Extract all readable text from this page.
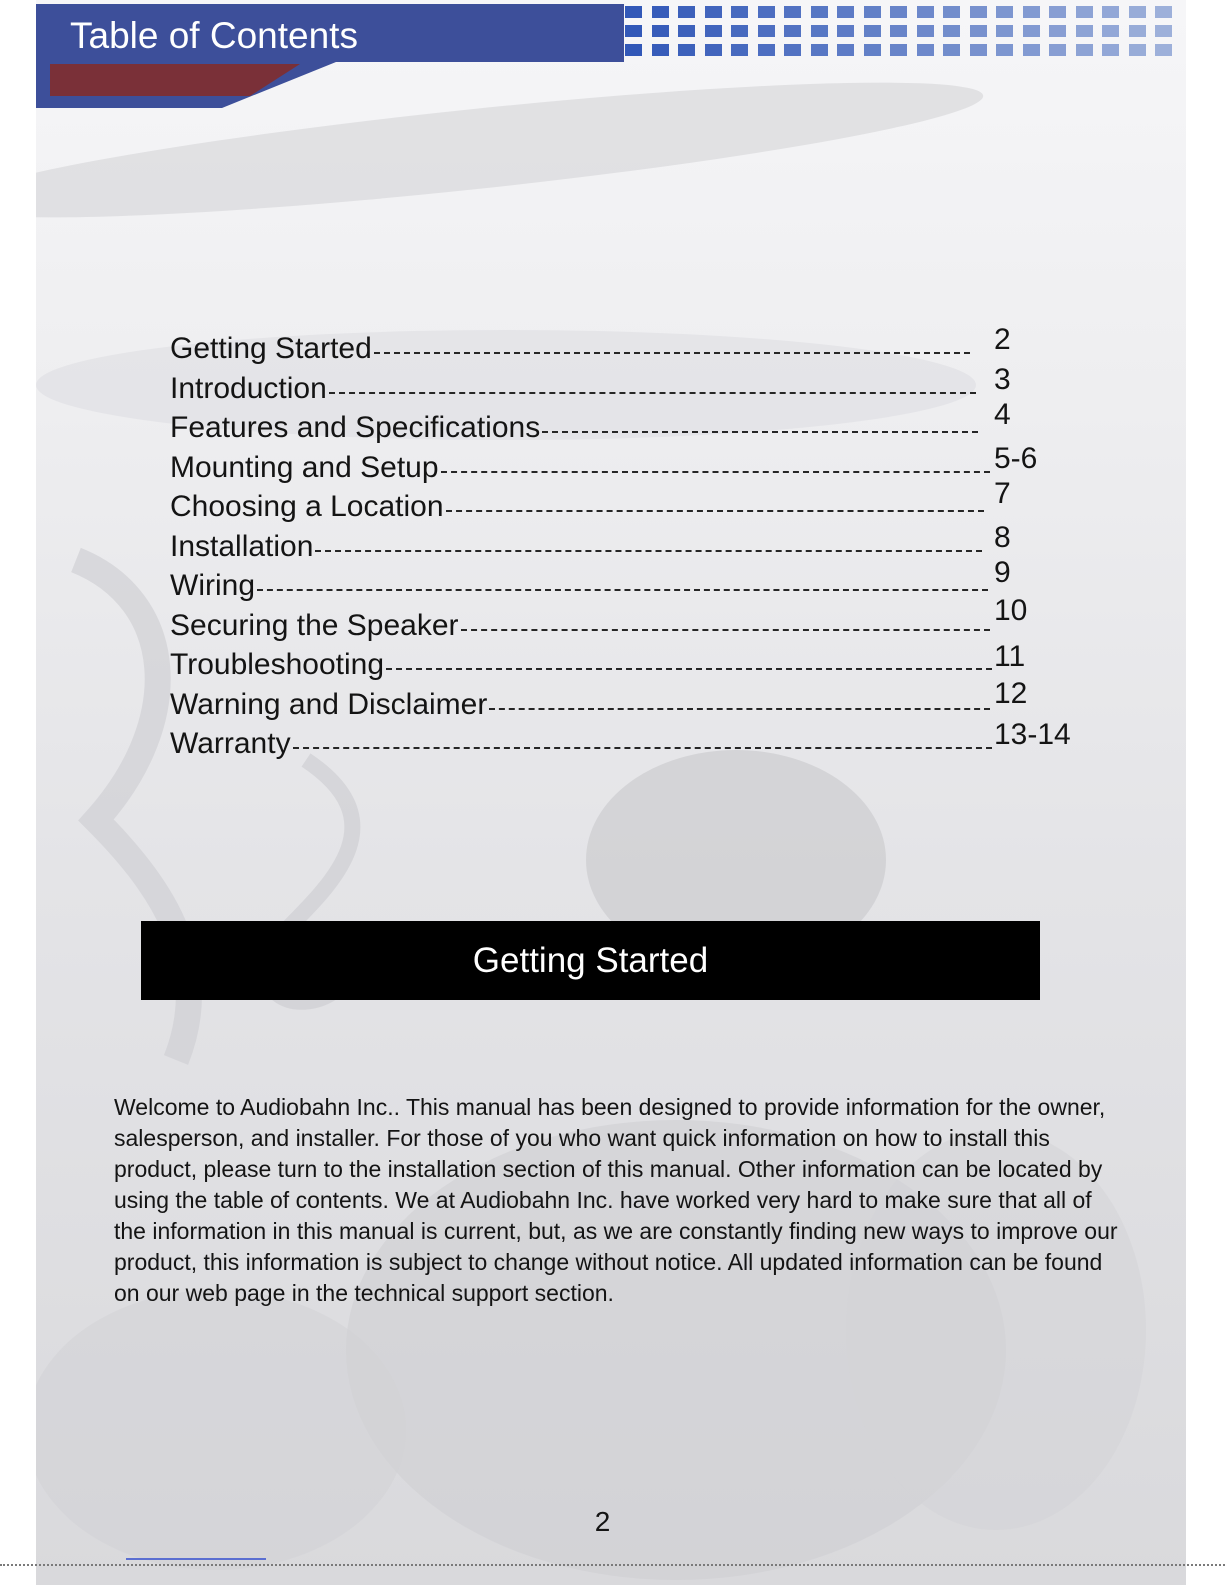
Table of Contents
Getting Started	2
Introduction	3
Features and Specifications	4
Mounting and Setup	5-6
Choosing a Location	7
Installation	8
Wiring	9
Securing the Speaker	10
Troubleshooting	11
Warning and Disclaimer	12
Warranty	13-14
Getting Started
Welcome to Audiobahn Inc.. This manual has been designed to provide information for the owner, salesperson, and installer. For those of you who want quick information on how to install this product, please turn to the installation section of this manual. Other information can be located by using the table of contents. We at Audiobahn Inc. have worked very hard to make sure that all of the information in this manual is current, but, as we are constantly finding new ways to improve our product, this information is subject to change without notice. All updated information can be found on our web page in the technical support section.
2
